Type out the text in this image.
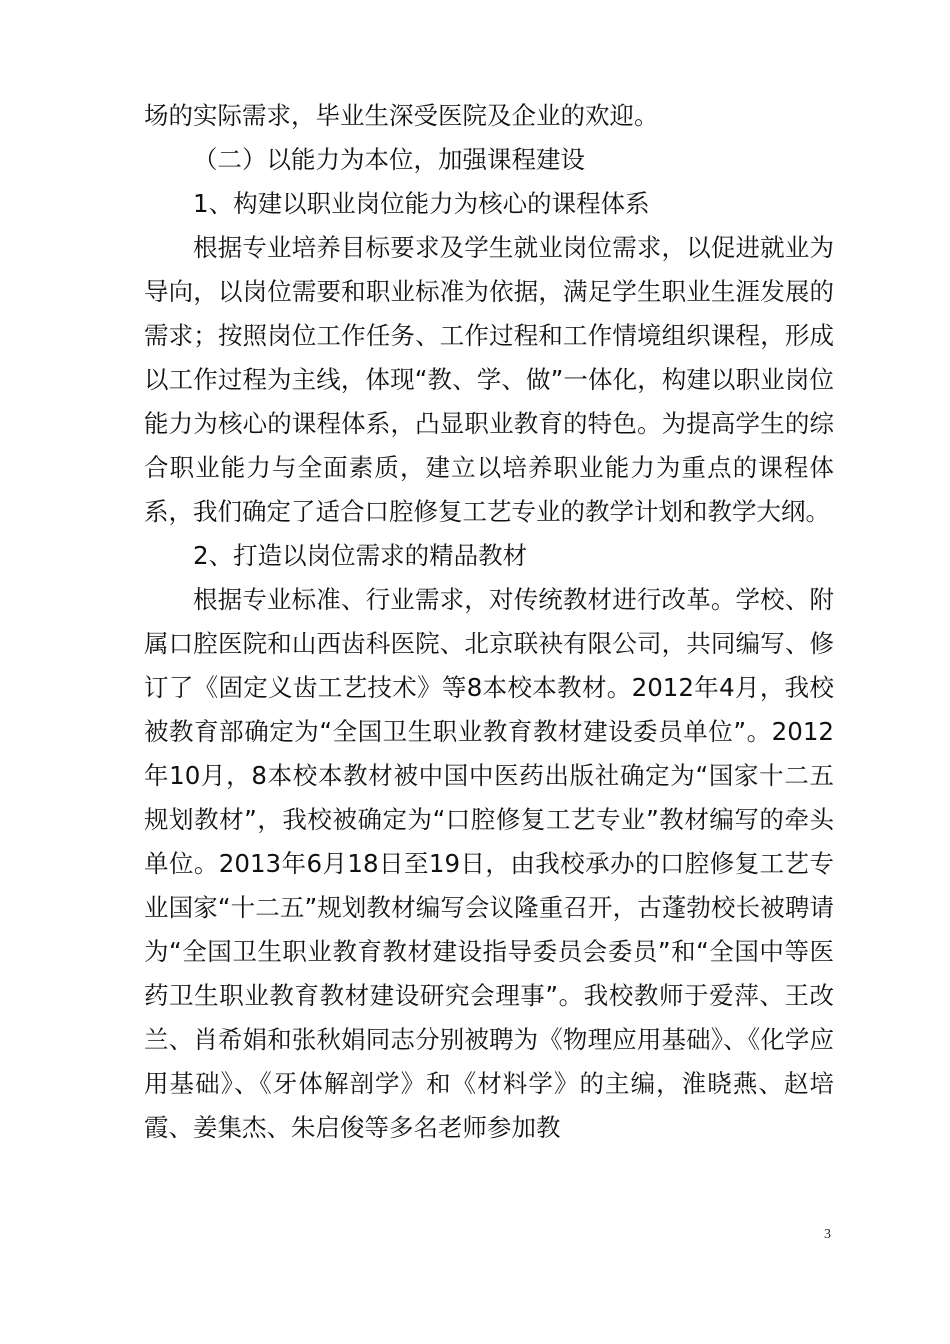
场的实际需求，毕业生深受医院及企业的欢迎。

（二）以能力为本位，加强课程建设

1、构建以职业岗位能力为核心的课程体系

根据专业培养目标要求及学生就业岗位需求，以促进就业为导向，以岗位需要和职业标准为依据，满足学生职业生涯发展的需求；按照岗位工作任务、工作过程和工作情境组织课程，形成以工作过程为主线，体现“教、学、做”一体化，构建以职业岗位能力为核心的课程体系，凸显职业教育的特色。为提高学生的综合职业能力与全面素质，建立以培养职业能力为重点的课程体系，我们确定了适合口腔修复工艺专业的教学计划和教学大纲。

2、打造以岗位需求的精品教材

根据专业标准、行业需求，对传统教材进行改革。学校、附属口腔医院和山西齿科医院、北京联袂有限公司，共同编写、修订了《固定义齿工艺技术》等8本校本教材。2012年4月，我校被教育部确定为“全国卫生职业教育教材建设委员单位”。2012年10月，8本校本教材被中国中医药出版社确定为“国家十二五规划教材”，我校被确定为“口腔修复工艺专业”教材编写的牵头单位。2013年6月18日至19日，由我校承办的口腔修复工艺专业国家“十二五”规划教材编写会议隆重召开，古蓬勃校长被聘请为“全国卫生职业教育教材建设指导委员会委员”和“全国中等医药卫生职业教育教材建设研究会理事”。我校教师于爱萍、王改兰、肖希娟和张秋娟同志分别被聘为《物理应用基础》、《化学应用基础》、《牙体解剖学》和《材料学》的主编，淮晓燕、赵培霞、姜集杰、朱启俊等多名老师参加教

3
